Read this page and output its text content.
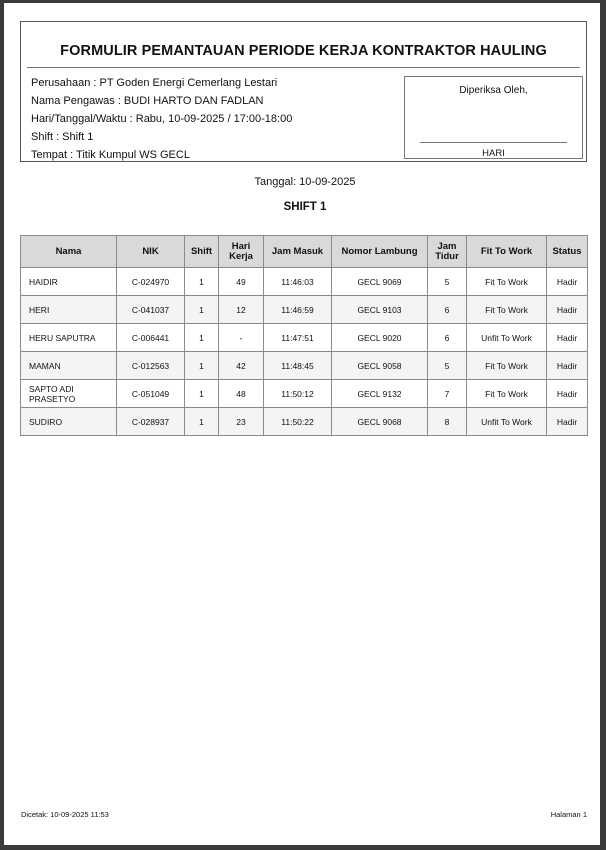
FORMULIR PEMANTAUAN PERIODE KERJA KONTRAKTOR HAULING
Perusahaan : PT Goden Energi Cemerlang Lestari
Nama Pengawas : BUDI HARTO DAN FADLAN
Hari/Tanggal/Waktu : Rabu, 10-09-2025 / 17:00-18:00
Shift : Shift 1
Tempat : Titik Kumpul WS GECL
Diperiksa Oleh,
HARI
Tanggal: 10-09-2025
SHIFT 1
Nama	NIK	Shift	Hari Kerja	Jam Masuk	Nomor Lambung	Jam Tidur	Fit To Work	Status
HAIDIR	C-024970	1	49	11:46:03	GECL 9069	5	Fit To Work	Hadir
HERI	C-041037	1	12	11:46:59	GECL 9103	6	Fit To Work	Hadir
HERU SAPUTRA	C-006441	1	-	11:47:51	GECL 9020	6	Unfit To Work	Hadir
MAMAN	C-012563	1	42	11:48:45	GECL 9058	5	Fit To Work	Hadir
SAPTO ADI PRASETYO	C-051049	1	48	11:50:12	GECL 9132	7	Fit To Work	Hadir
SUDIRO	C-028937	1	23	11:50:22	GECL 9068	8	Unfit To Work	Hadir
Dicetak: 10-09-2025 11:53	Halaman 1
